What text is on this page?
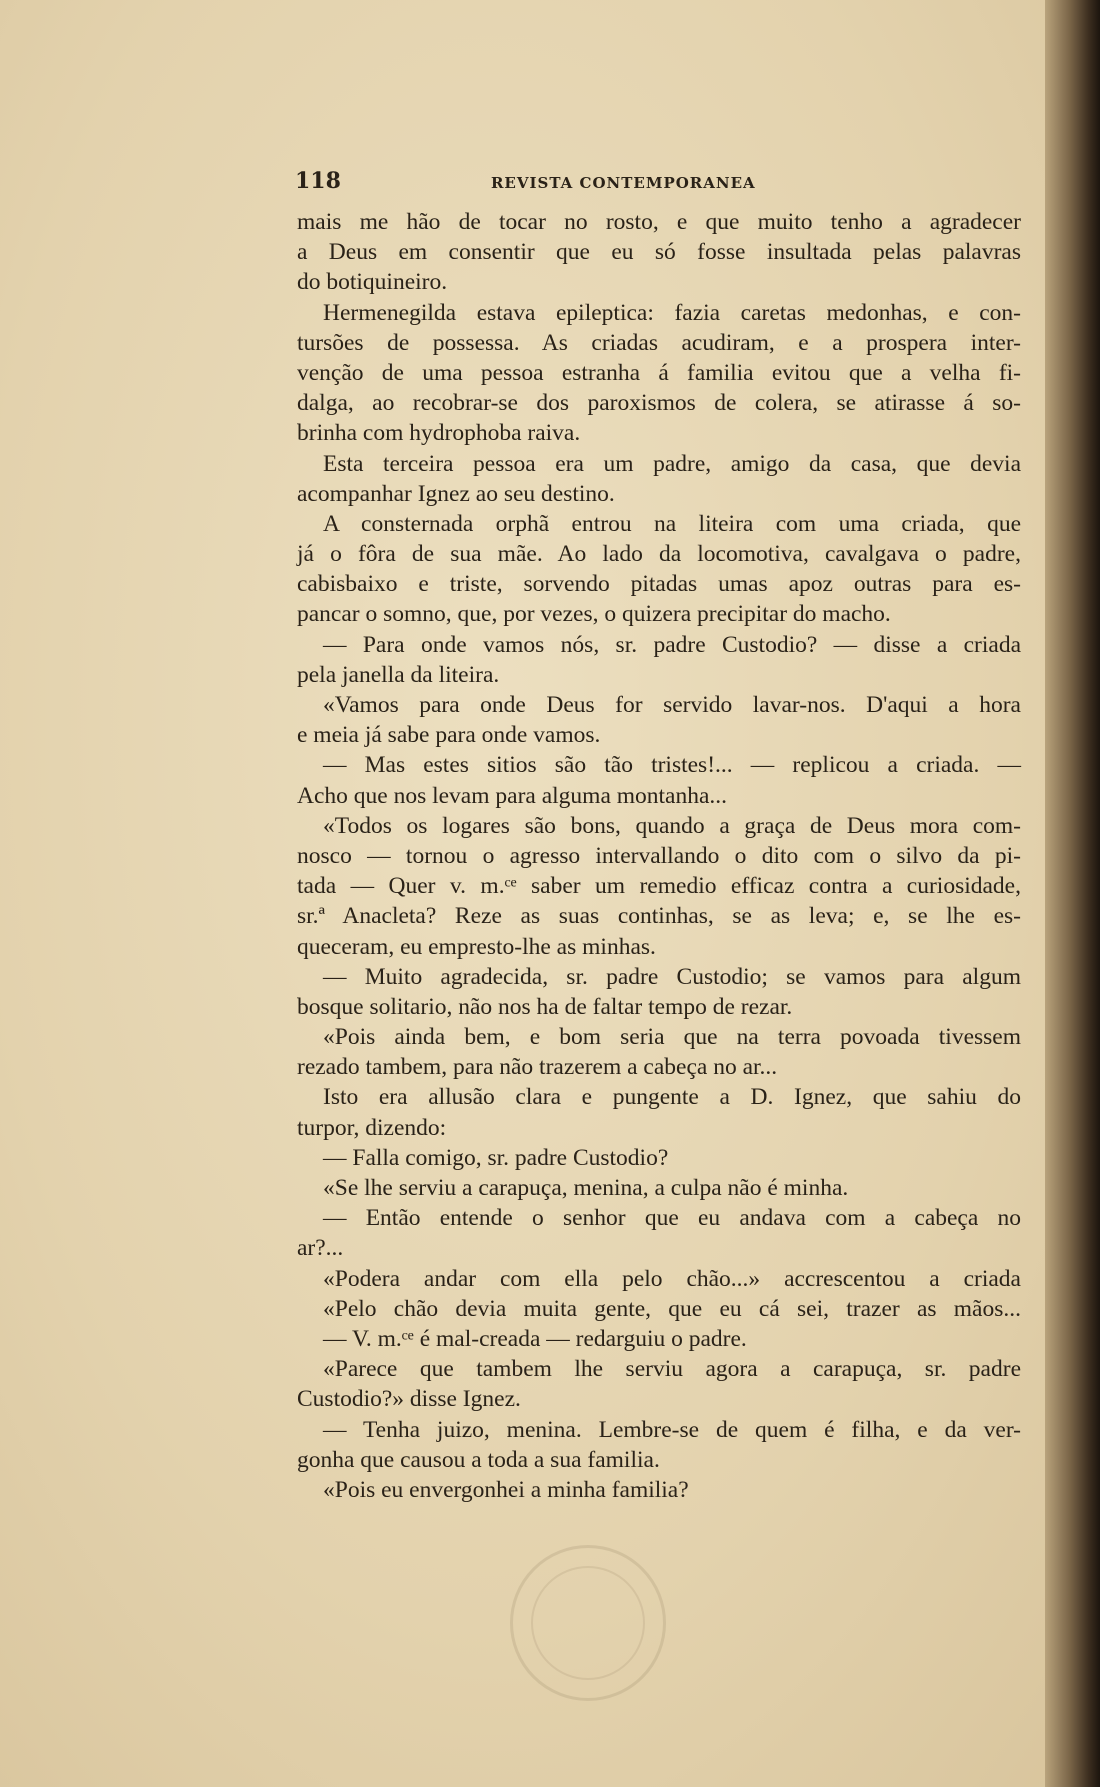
118	REVISTA CONTEMPORANEA
mais me hão de tocar no rosto, e que muito tenho a agradecer
a Deus em consentir que eu só fosse insultada pelas palavras
do botiquineiro.
Hermenegilda estava epileptica: fazia caretas medonhas, e con-
tursões de possessa. As criadas acudiram, e a prospera inter-
venção de uma pessoa estranha á familia evitou que a velha fi-
dalga, ao recobrar-se dos paroxismos de colera, se atirasse á so-
brinha com hydrophoba raiva.
Esta terceira pessoa era um padre, amigo da casa, que devia
acompanhar Ignez ao seu destino.
A consternada orphã entrou na liteira com uma criada, que
já o fôra de sua mãe. Ao lado da locomotiva, cavalgava o padre,
cabisbaixo e triste, sorvendo pitadas umas apoz outras para es-
pancar o somno, que, por vezes, o quizera precipitar do macho.
— Para onde vamos nós, sr. padre Custodio? — disse a criada
pela janella da liteira.
«Vamos para onde Deus for servido lavar-nos. D'aqui a hora
e meia já sabe para onde vamos.
— Mas estes sitios são tão tristes!... — replicou a criada. —
Acho que nos levam para alguma montanha...
«Todos os logares são bons, quando a graça de Deus mora com-
nosco — tornou o agresso intervallando o dito com o silvo da pi-
tada — Quer v. m.ᶜᵉ saber um remedio efficaz contra a curiosidade,
sr.ª Anacleta? Reze as suas continhas, se as leva; e, se lhe es-
queceram, eu empresto-lhe as minhas.
— Muito agradecida, sr. padre Custodio; se vamos para algum
bosque solitario, não nos ha de faltar tempo de rezar.
«Pois ainda bem, e bom seria que na terra povoada tivessem
rezado tambem, para não trazerem a cabeça no ar...
Isto era allusão clara e pungente a D. Ignez, que sahiu do
turpor, dizendo:
— Falla comigo, sr. padre Custodio?
«Se lhe serviu a carapuça, menina, a culpa não é minha.
— Então entende o senhor que eu andava com a cabeça no
ar?...
«Podera andar com ella pelo chão...» accrescentou a criada
«Pelo chão devia muita gente, que eu cá sei, trazer as mãos...
— V. m.ᶜᵉ é mal-creada — redarguiu o padre.
«Parece que tambem lhe serviu agora a carapuça, sr. padre
Custodio?» disse Ignez.
— Tenha juizo, menina. Lembre-se de quem é filha, e da ver-
gonha que causou a toda a sua familia.
«Pois eu envergonhei a minha familia?
